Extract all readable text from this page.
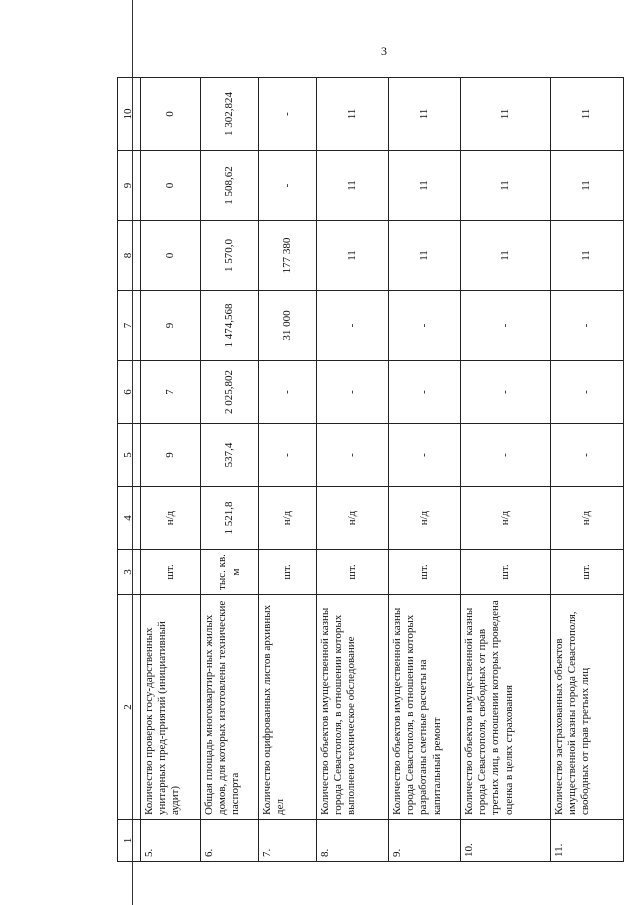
3
1	2	3	4	5	6	7	8	9	10
5.	Количество проверок госу-дарственных унитарных пред-приятий (инициативный аудит)	шт.	н/д	9	7	9	0	0	0
6.	Общая площадь многоквартир-ных жилых домов, для которых изготовлены технические паспорта	тыс. кв. м	1 521,8	537,4	2 025,802	1 474,568	1 570,0	1 508,62	1 302,824
7.	Количество оцифрованных листов архивных дел	шт.	н/д	-	-	31 000	177 380	-	-
8.	Количество объектов имущественной казны города Севастополя, в отношении которых выполнено техническое обследование	шт.	н/д	-	-	-	11	11	11
9.	Количество объектов имущественной казны города Севастополя, в отношении которых разработаны сметные расчеты на капитальный ремонт	шт.	н/д	-	-	-	11	11	11
10.	Количество объектов имущественной казны города Севастополя, свободных от прав третьих лиц, в отношении которых проведена оценка в целях страхования	шт.	н/д	-	-	-	11	11	11
11.	Количество застрахованных объектов имущественной казны города Севастополя, свободных от прав третьих лиц	шт.	н/д	-	-	-	11	11	11
